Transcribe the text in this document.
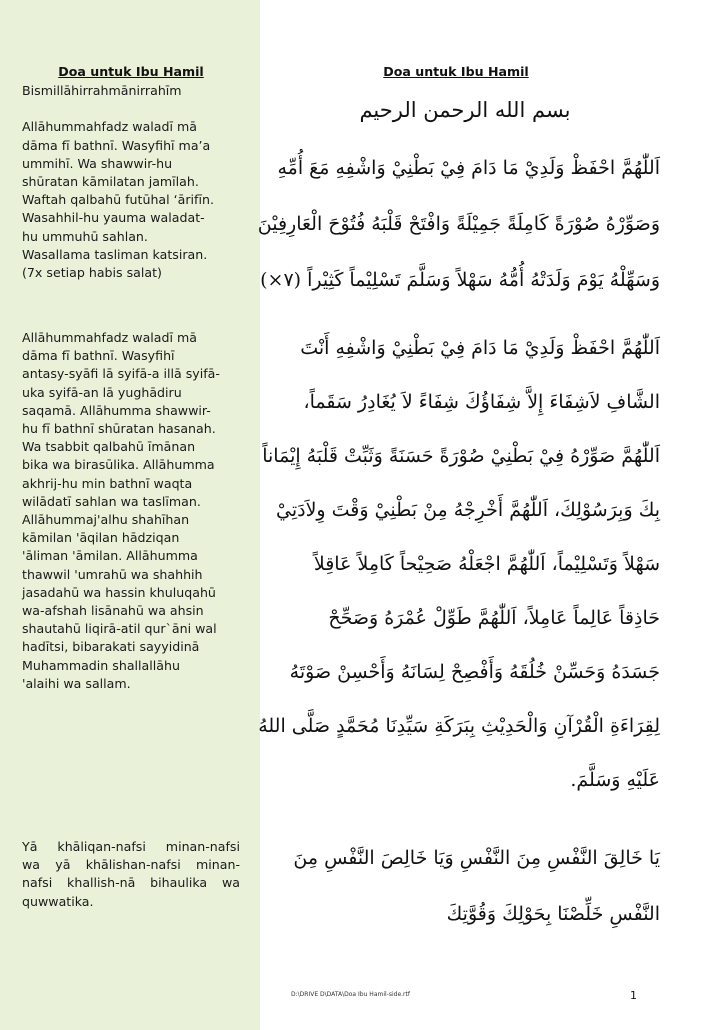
Doa untuk Ibu Hamil	Doa untuk Ibu Hamil
Bismillāhirrahmānirrahīm
Allāhummahfadz waladī mā
dāma fī bathnī. Wasyfihī ma’a
ummihī. Wa shawwir-hu
shūratan kāmilatan jamīlah.
Waftah qalbahū futūhal ‘ārifīn.
Wasahhil-hu yauma waladat-
hu ummuhū sahlan.
Wasallama tasliman katsiran.
(7x setiap habis salat)
Allāhummahfadz waladī mā
dāma fī bathnī. Wasyfihī
antasy-syāfi lā syifā-a illā syifā-
uka syifā-an lā yughādiru
saqamā. Allāhumma shawwir-
hu fī bathnī shūratan hasanah.
Wa tsabbit qalbahū īmānan
bika wa birasūlika. Allāhumma
akhrij-hu min bathnī waqta
wilādatī sahlan wa taslīman.
Allāhummaj'alhu shahīhan
kāmilan 'āqilan hādziqan
'āliman 'āmilan. Allāhumma
thawwil 'umrahū wa shahhih
jasadahū wa hassin khuluqahū
wa-afshah lisānahū wa ahsin
shautahū liqirā-atil qur`āni wal
hadītsi, bibarakati sayyidinā
Muhammadin shallallāhu
'alaihi wa sallam.
Yā khāliqan-nafsi minan-nafsi
wa yā khālishan-nafsi minan-
nafsi khallish-nā bihaulika wa
quwwatika.
بسم الله الرحمن الرحيم
اَللّٰهُمَّ احْفَظْ وَلَدِيْ مَا دَامَ فِيْ بَطْنِيْ وَاشْفِهِ مَعَ أُمِّهِ
وَصَوِّرْهُ صُوْرَةً كَامِلَةً جَمِيْلَةً وَافْتَحْ قَلْبَهُ فُتُوْحَ الْعَارِفِيْنَ
وَسَهِّلْهُ يَوْمَ وَلَدَتْهُ أُمُّهُ سَهْلاً وَسَلَّمَ تَسْلِيْماً كَثِيْراً (٧×)
اَللّٰهُمَّ احْفَظْ وَلَدِيْ مَا دَامَ فِيْ بَطْنِيْ وَاشْفِهِ أَنْتَ
الشَّافِ لاَشِفَاءَ إِلاَّ شِفَاؤُكَ شِفَاءً لاَ يُغَادِرُ سَقَماً،
اَللّٰهُمَّ صَوِّرْهُ فِيْ بَطْنِيْ صُوْرَةً حَسَنَةً وَثَبِّتْ قَلْبَهُ إِيْمَاناً
بِكَ وَبِرَسُوْلِكَ، اَللّٰهُمَّ أَخْرِجْهُ مِنْ بَطْنِيْ وَقْتَ وِلاَدَتِيْ
سَهْلاً وَتَسْلِيْماً، اَللّٰهُمَّ اجْعَلْهُ صَحِيْحاً كَامِلاً عَاقِلاً
حَاذِقاً عَالِماً عَامِلاً، اَللّٰهُمَّ طَوِّلْ عُمْرَهُ وَصَحِّحْ
جَسَدَهُ وَحَسِّنْ خُلُقَهُ وَأَفْصِحْ لِسَانَهُ وَأَحْسِنْ صَوْتَهُ
لِقِرَاءَةِ الْقُرْآنِ وَالْحَدِيْثِ بِبَرَكَةِ سَيِّدِنَا مُحَمَّدٍ صَلَّى اللهُ
عَلَيْهِ وَسَلَّمَ.
يَا خَالِقَ النَّفْسِ مِنَ النَّفْسِ وَيَا خَالِصَ النَّفْسِ مِنَ
النَّفْسِ خَلِّصْنَا بِحَوْلِكَ وَقُوَّتِكَ
D:\DRIVE D\DATA\Doa Ibu Hamil-side.rtf	1
